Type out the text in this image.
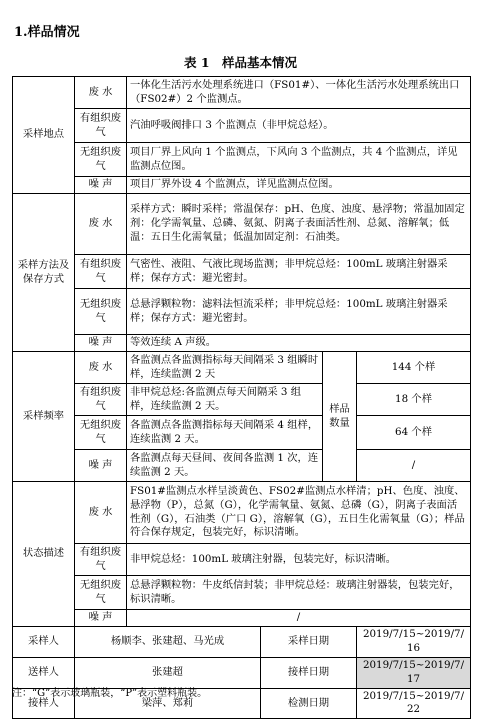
1.样品情况
表 1　样品基本情况
采样地点	废 水	一体化生活污水处理系统进口（FS01#）、一体化生活污水处理系统出口（FS02#）2 个监测点。			
	有组织废气	汽油呼吸阀排口 3 个监测点（非甲烷总烃）。			
	无组织废气	项目厂界上风向 1 个监测点，下风向 3 个监测点，共 4 个监测点，详见监测点位图。			
	噪 声	项目厂界外设 4 个监测点，详见监测点位图。			
采样方法及保存方式	废 水	采样方式：瞬时采样；常温保存：pH、色度、浊度、悬浮物；常温加固定剂：化学需氧量、总磷、氨氮、阴离子表面活性剂、总氮、溶解氧；低温：五日生化需氧量；低温加固定剂：石油类。			
	有组织废气	气密性、液阻、气液比现场监测；非甲烷总烃：100mL 玻璃注射器采样；保存方式：避光密封。			
	无组织废气	总悬浮颗粒物：滤料法恒流采样；非甲烷总烃：100mL 玻璃注射器采样；保存方式：避光密封。			
	噪 声	等效连续 A 声级。			
采样频率	废 水	各监测点各监测指标每天间隔采 3 组瞬时样，连续监测 2 天		样品数量	144 个样
	有组织废气	非甲烷总烃:各监测点每天间隔采 3 组样，连续监测 2 天。			18 个样
	无组织废气	各监测点各监测指标每天间隔采 4 组样，连续监测 2 天。			64 个样
	噪 声	各监测点每天昼间、夜间各监测 1 次，连续监测 2 天。			/
状态描述	废 水	FS01#监测点水样呈淡黄色、FS02#监测点水样清；pH、色度、浊度、悬浮物（P），总氮（G），化学需氧量、氨氮、总磷（G），阴离子表面活性剂（G），石油类（广口 G），溶解氧（G），五日生化需氧量（G）；样品符合保存规定，包装完好，标识清晰。			
	有组织废气	非甲烷总烃：100mL 玻璃注射器，包装完好，标识清晰。			
	无组织废气	总悬浮颗粒物：牛皮纸信封装；非甲烷总烃：玻璃注射器装，包装完好，标识清晰。			
	噪 声	/			
采样人	杨顺李、张建超、马光成		采样日期		2019/7/15~2019/7/16
送样人	张建超		接样日期		2019/7/15~2019/7/17
接样人	梁萍、郑莉		检测日期		2019/7/15~2019/7/22
注：“G”表示玻璃瓶装，“P”表示塑料瓶装。
